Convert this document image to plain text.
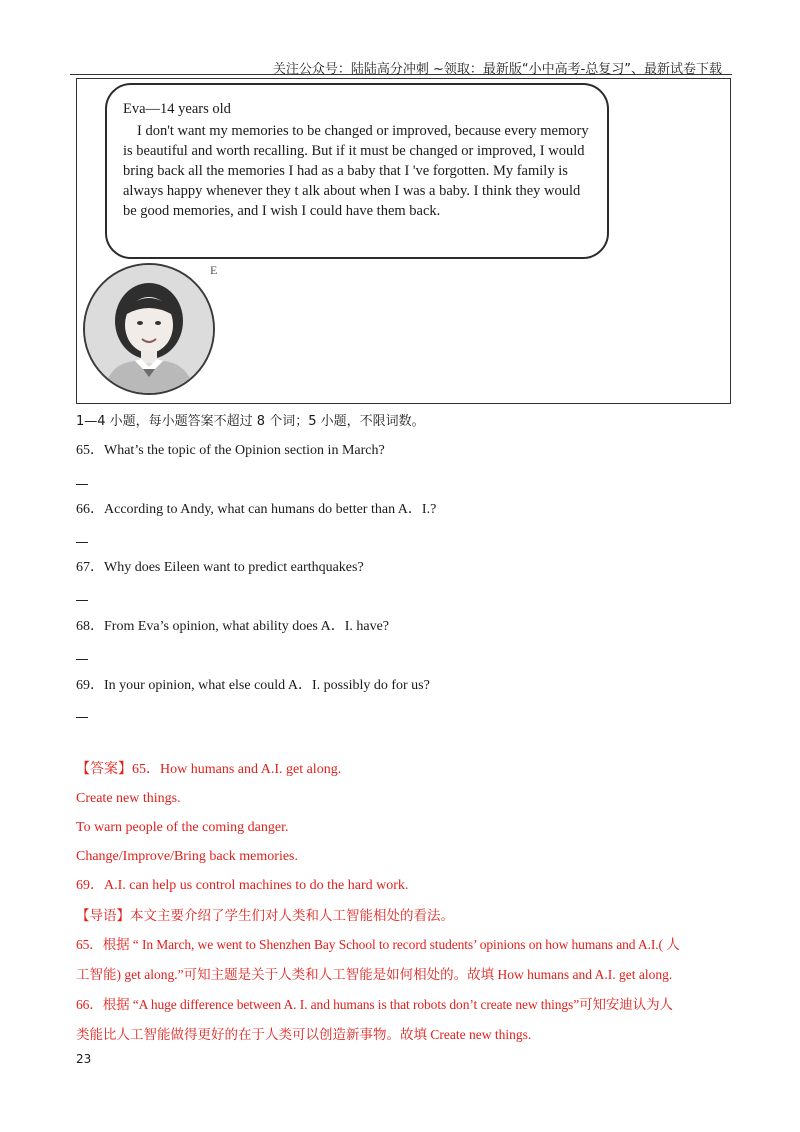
关注公众号：陆陆高分冲刺 ~领取：最新版“小中高考-总复习”、最新试卷下载
Eva—14 years old
I don't want my memories to be changed or improved, because every memory is beautiful and worth recalling. But if it must be changed or improved, I would bring back all the memories I had as a baby that I 've forgotten. My family is always happy whenever they t alk about when I was a baby. I think they would be good memories, and I wish I could have them back.
E
1—4 小题，每小题答案不超过 8 个词；5 小题，不限词数。
65．What’s the topic of the Opinion section in March?
66．According to Andy, what can humans do better than A．I.?
67．Why does Eileen want to predict earthquakes?
68．From Eva’s opinion, what ability does A．I. have?
69．In your opinion, what else could A．I. possibly do for us?
【答案】65．How humans and A.I. get along.
Create new things.
To warn people of the coming danger.
Change/Improve/Bring back memories.
69．A.I. can help us control machines to do the hard work.
【导语】本文主要介绍了学生们对人类和人工智能相处的看法。
65．根据 “ In March, we went to Shenzhen Bay School to record students’ opinions on how humans and A.I.( 人
工智能) get along.”可知主题是关于人类和人工智能是如何相处的。故填 How humans and A.I. get along.
66．根据 “A huge difference between A. I. and humans is that robots don’t create new things”可知安迪认为人
类能比人工智能做得更好的在于人类可以创造新事物。故填 Create new things.
23
